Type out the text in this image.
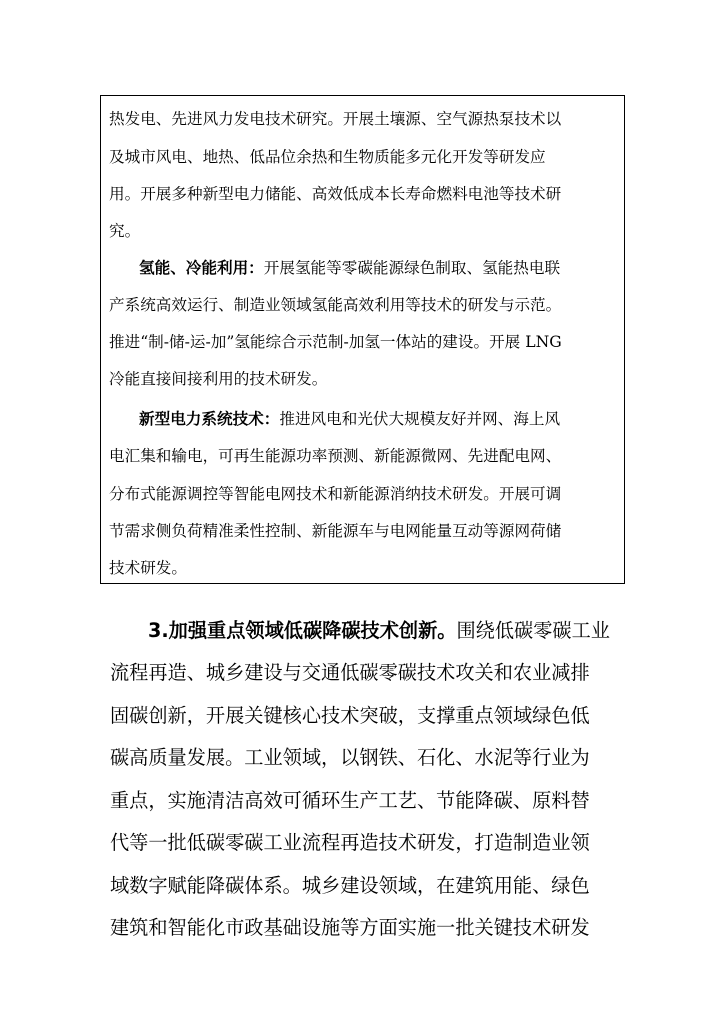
热发电、先进风力发电技术研究。开展土壤源、空气源热泵技术以
及城市风电、地热、低品位余热和生物质能多元化开发等研发应
用。开展多种新型电力储能、高效低成本长寿命燃料电池等技术研
究。
氢能、冷能利用：开展氢能等零碳能源绿色制取、氢能热电联
产系统高效运行、制造业领域氢能高效利用等技术的研发与示范。
推进“制-储-运-加”氢能综合示范制-加氢一体站的建设。开展 LNG
冷能直接间接利用的技术研发。
新型电力系统技术：推进风电和光伏大规模友好并网、海上风
电汇集和输电，可再生能源功率预测、新能源微网、先进配电网、
分布式能源调控等智能电网技术和新能源消纳技术研发。开展可调
节需求侧负荷精准柔性控制、新能源车与电网能量互动等源网荷储
技术研发。
3.加强重点领域低碳降碳技术创新。围绕低碳零碳工业
流程再造、城乡建设与交通低碳零碳技术攻关和农业减排
固碳创新，开展关键核心技术突破，支撑重点领域绿色低
碳高质量发展。工业领域，以钢铁、石化、水泥等行业为
重点，实施清洁高效可循环生产工艺、节能降碳、原料替
代等一批低碳零碳工业流程再造技术研发，打造制造业领
域数字赋能降碳体系。城乡建设领域，在建筑用能、绿色
建筑和智能化市政基础设施等方面实施一批关键技术研发
